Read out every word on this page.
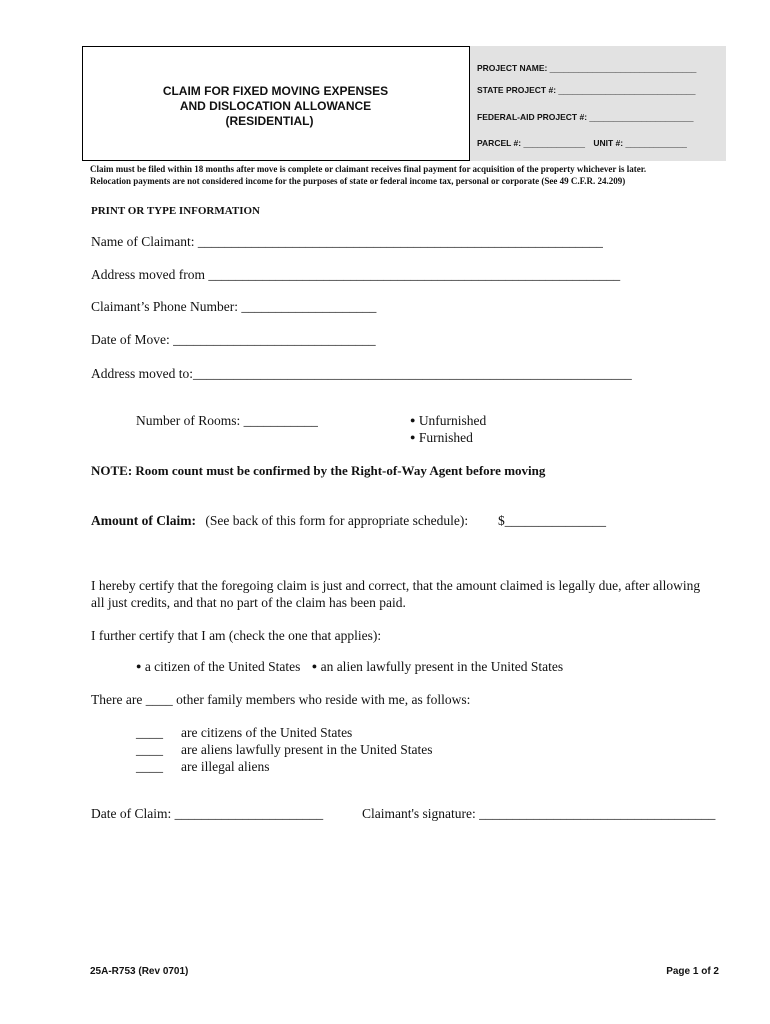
CLAIM FOR FIXED MOVING EXPENSES
AND DISLOCATION ALLOWANCE
(RESIDENTIAL)
PROJECT NAME: _______________________________
STATE PROJECT #: _____________________________
FEDERAL-AID PROJECT #: ______________________
PARCEL #: _____________ UNIT #: _____________
Claim must be filed within 18 months after move is complete or claimant receives final payment for acquisition of the property whichever is later.
Relocation payments are not considered income for the purposes of state or federal income tax, personal or corporate (See 49 C.F.R. 24.209)
PRINT OR TYPE INFORMATION
Name of Claimant: ____________________________________________________________
Address moved from _____________________________________________________________
Claimant’s Phone Number: ____________________
Date of Move: ______________________________
Address moved to:_________________________________________________________________
Number of Rooms: ___________	● Unfurnished
● Furnished
NOTE: Room count must be confirmed by the Right-of-Way Agent before moving
Amount of Claim: (See back of this form for appropriate schedule): $_______________
I hereby certify that the foregoing claim is just and correct, that the amount claimed is legally due, after allowing
all just credits, and that no part of the claim has been paid.
I further certify that I am (check the one that applies):
● a citizen of the United States ● an alien lawfully present in the United States
There are ____ other family members who reside with me, as follows:
____ are citizens of the United States
____ are aliens lawfully present in the United States
____ are illegal aliens
Date of Claim: ______________________	Claimant's signature: ___________________________________
25A-R753 (Rev 0701)	Page 1 of 2
